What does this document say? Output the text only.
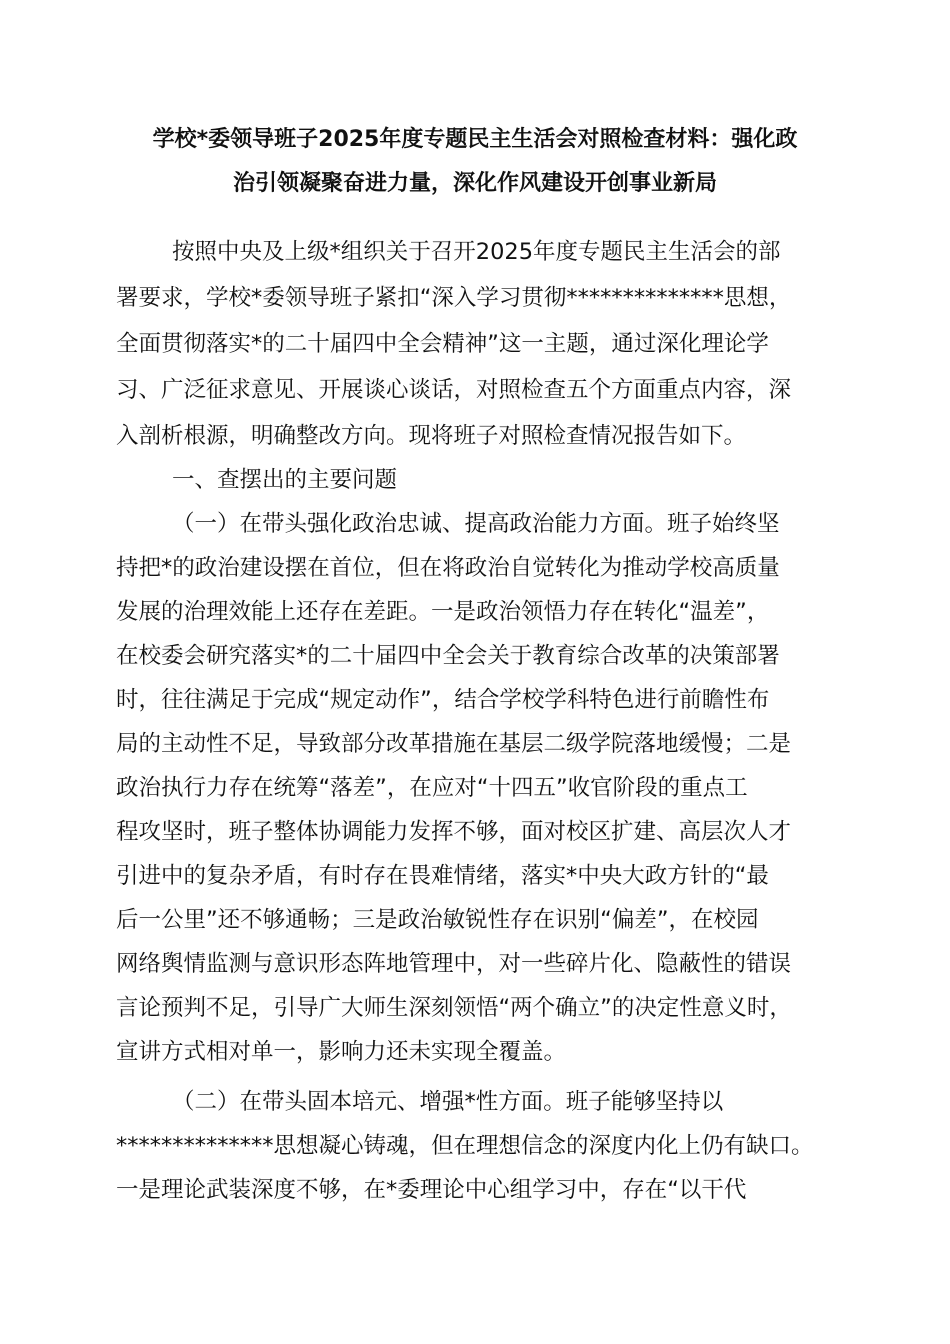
学校*委领导班子2025年度专题民主生活会对照检查材料：强化政

治引领凝聚奋进力量，深化作风建设开创事业新局

按照中央及上级*组织关于召开2025年度专题民主生活会的部

署要求，学校*委领导班子紧扣“深入学习贯彻**************思想，

全面贯彻落实*的二十届四中全会精神”这一主题，通过深化理论学

习、广泛征求意见、开展谈心谈话，对照检查五个方面重点内容，深

入剖析根源，明确整改方向。现将班子对照检查情况报告如下。

一、查摆出的主要问题

（一）在带头强化政治忠诚、提高政治能力方面。班子始终坚

持把*的政治建设摆在首位，但在将政治自觉转化为推动学校高质量

发展的治理效能上还存在差距。一是政治领悟力存在转化“温差”，

在校委会研究落实*的二十届四中全会关于教育综合改革的决策部署

时，往往满足于完成“规定动作”，结合学校学科特色进行前瞻性布

局的主动性不足，导致部分改革措施在基层二级学院落地缓慢；二是

政治执行力存在统筹“落差”，在应对“十四五”收官阶段的重点工

程攻坚时，班子整体协调能力发挥不够，面对校区扩建、高层次人才

引进中的复杂矛盾，有时存在畏难情绪，落实*中央大政方针的“最

后一公里”还不够通畅；三是政治敏锐性存在识别“偏差”，在校园

网络舆情监测与意识形态阵地管理中，对一些碎片化、隐蔽性的错误

言论预判不足，引导广大师生深刻领悟“两个确立”的决定性意义时，

宣讲方式相对单一，影响力还未实现全覆盖。

（二）在带头固本培元、增强*性方面。班子能够坚持以

**************思想凝心铸魂，但在理想信念的深度内化上仍有缺口。

一是理论武装深度不够，在*委理论中心组学习中，存在“以干代
